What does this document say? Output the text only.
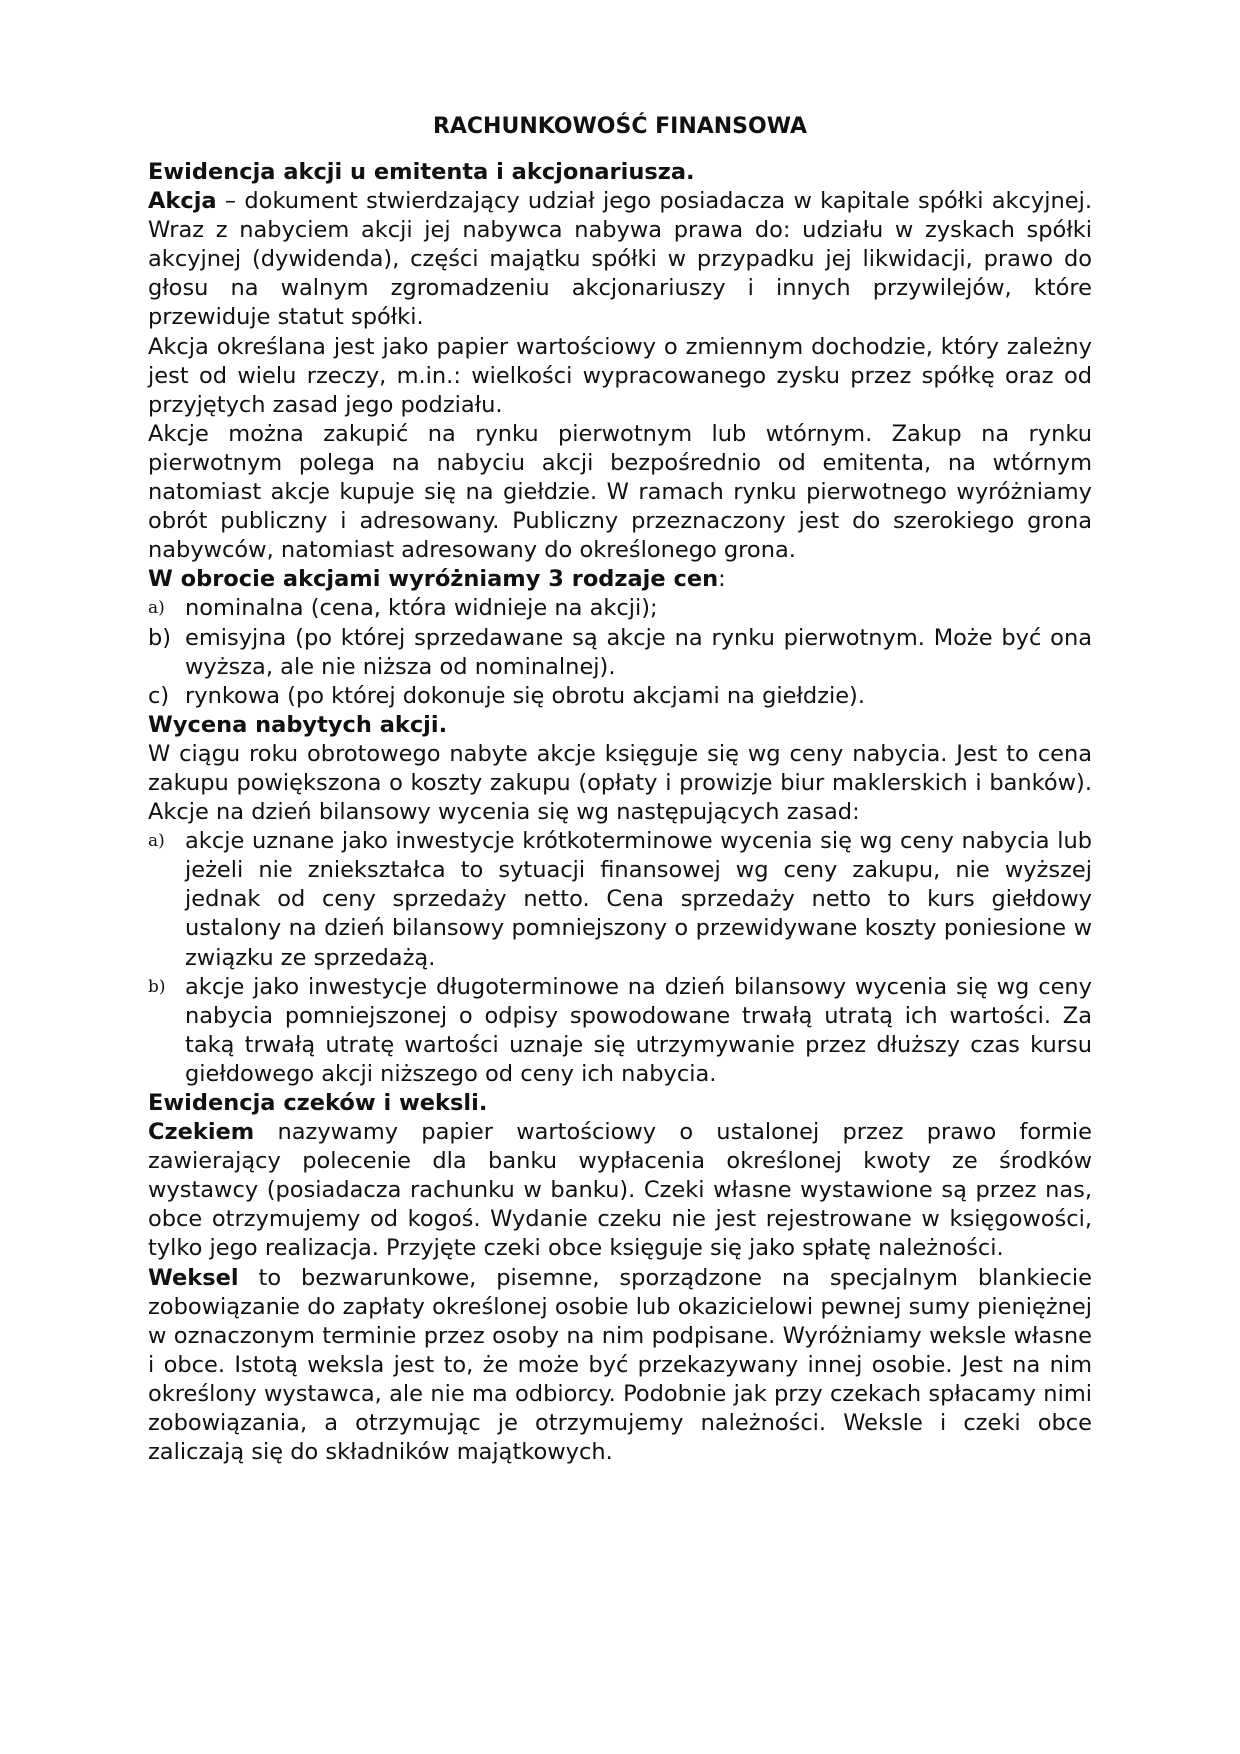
RACHUNKOWOŚĆ FINANSOWA
Ewidencja akcji u emitenta i akcjonariusza.

Akcja – dokument stwierdzający udział jego posiadacza w kapitale spółki akcyjnej. Wraz z nabyciem akcji jej nabywca nabywa prawa do: udziału w zyskach spółki akcyjnej (dywidenda), części majątku spółki w przypadku jej likwidacji, prawo do głosu na walnym zgromadzeniu akcjonariuszy i innych przywilejów, które przewiduje statut spółki.

Akcja określana jest jako papier wartościowy o zmiennym dochodzie, który zależny jest od wielu rzeczy, m.in.: wielkości wypracowanego zysku przez spółkę oraz od przyjętych zasad jego podziału.

Akcje można zakupić na rynku pierwotnym lub wtórnym. Zakup na rynku pierwotnym polega na nabyciu akcji bezpośrednio od emitenta, na wtórnym natomiast akcje kupuje się na giełdzie. W ramach rynku pierwotnego wyróżniamy obrót publiczny i adresowany. Publiczny przeznaczony jest do szerokiego grona nabywców, natomiast adresowany do określonego grona.

W obrocie akcjami wyróżniamy 3 rodzaje cen:

a) nominalna (cena, która widnieje na akcji);
b) emisyjna (po której sprzedawane są akcje na rynku pierwotnym. Może być ona wyższa, ale nie niższa od nominalnej).
c) rynkowa (po której dokonuje się obrotu akcjami na giełdzie).
Wycena nabytych akcji.

W ciągu roku obrotowego nabyte akcje księguje się wg ceny nabycia. Jest to cena zakupu powiększona o koszty zakupu (opłaty i prowizje biur maklerskich i banków). Akcje na dzień bilansowy wycenia się wg następujących zasad:

a) akcje uznane jako inwestycje krótkoterminowe wycenia się wg ceny nabycia lub jeżeli nie zniekształca to sytuacji finansowej wg ceny zakupu, nie wyższej jednak od ceny sprzedaży netto. Cena sprzedaży netto to kurs giełdowy ustalony na dzień bilansowy pomniejszony o przewidywane koszty poniesione w związku ze sprzedażą.
b) akcje jako inwestycje długoterminowe na dzień bilansowy wycenia się wg ceny nabycia pomniejszonej o odpisy spowodowane trwałą utratą ich wartości. Za taką trwałą utratę wartości uznaje się utrzymywanie przez dłuższy czas kursu giełdowego akcji niższego od ceny ich nabycia.
Ewidencja czeków i weksli.

Czekiem nazywamy papier wartościowy o ustalonej przez prawo formie zawierający polecenie dla banku wypłacenia określonej kwoty ze środków wystawcy (posiadacza rachunku w banku). Czeki własne wystawione są przez nas, obce otrzymujemy od kogoś. Wydanie czeku nie jest rejestrowane w księgowości, tylko jego realizacja. Przyjęte czeki obce księguje się jako spłatę należności.

Weksel to bezwarunkowe, pisemne, sporządzone na specjalnym blankiecie zobowiązanie do zapłaty określonej osobie lub okazicielowi pewnej sumy pieniężnej w oznaczonym terminie przez osoby na nim podpisane. Wyróżniamy weksle własne i obce. Istotą weksla jest to, że może być przekazywany innej osobie. Jest na nim określony wystawca, ale nie ma odbiorcy. Podobnie jak przy czekach spłacamy nimi zobowiązania, a otrzymując je otrzymujemy należności. Weksle i czeki obce zaliczają się do składników majątkowych.
